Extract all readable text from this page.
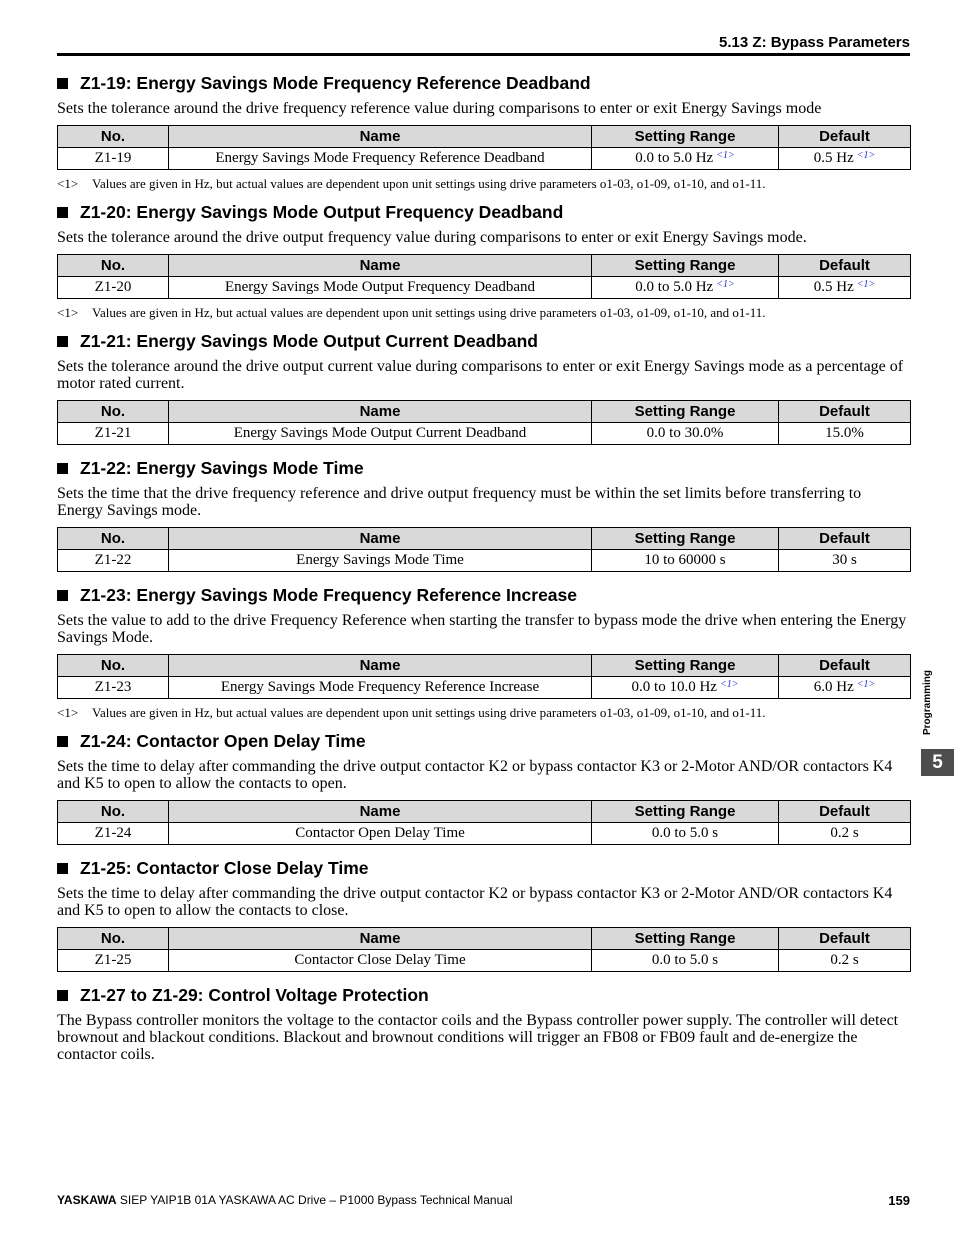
5.13 Z: Bypass Parameters
Z1-19: Energy Savings Mode Frequency Reference Deadband

Sets the tolerance around the drive frequency reference value during comparisons to enter or exit Energy Savings mode

No.	Name	Setting Range	Default
Z1-19	Energy Savings Mode Frequency Reference Deadband	0.0 to 5.0 Hz $^{<1>}$	0.5 Hz $^{<1>}$
<1>	Values are given in Hz, but actual values are dependent upon unit settings using drive parameters o1-03, o1-09, o1-10, and o1-11.
Z1-20: Energy Savings Mode Output Frequency Deadband

Sets the tolerance around the drive output frequency value during comparisons to enter or exit Energy Savings mode.

No.	Name	Setting Range	Default
Z1-20	Energy Savings Mode Output Frequency Deadband	0.0 to 5.0 Hz $^{<1>}$	0.5 Hz $^{<1>}$
<1>	Values are given in Hz, but actual values are dependent upon unit settings using drive parameters o1-03, o1-09, o1-10, and o1-11.
Z1-21: Energy Savings Mode Output Current Deadband

Sets the tolerance around the drive output current value during comparisons to enter or exit Energy Savings mode as a percentage of motor rated current.

No.	Name	Setting Range	Default
Z1-21	Energy Savings Mode Output Current Deadband	0.0 to 30.0%	15.0%
Z1-22: Energy Savings Mode Time

Sets the time that the drive frequency reference and drive output frequency must be within the set limits before transferring to Energy Savings mode.

No.	Name	Setting Range	Default
Z1-22	Energy Savings Mode Time	10 to 60000 s	30 s
Z1-23: Energy Savings Mode Frequency Reference Increase

Sets the value to add to the drive Frequency Reference when starting the transfer to bypass mode the drive when entering the Energy Savings Mode.

No.	Name	Setting Range	Default
Z1-23	Energy Savings Mode Frequency Reference Increase	0.0 to 10.0 Hz $^{<1>}$	6.0 Hz $^{<1>}$
<1>	Values are given in Hz, but actual values are dependent upon unit settings using drive parameters o1-03, o1-09, o1-10, and o1-11.
Z1-24: Contactor Open Delay Time

Sets the time to delay after commanding the drive output contactor K2 or bypass contactor K3 or 2-Motor AND/OR contactors K4 and K5 to open to allow the contacts to open.

No.	Name	Setting Range	Default
Z1-24	Contactor Open Delay Time	0.0 to 5.0 s	0.2 s
Z1-25: Contactor Close Delay Time

Sets the time to delay after commanding the drive output contactor K2 or bypass contactor K3 or 2-Motor AND/OR contactors K4 and K5 to open to allow the contacts to close.

No.	Name	Setting Range	Default
Z1-25	Contactor Close Delay Time	0.0 to 5.0 s	0.2 s
Z1-27 to Z1-29: Control Voltage Protection

The Bypass controller monitors the voltage to the contactor coils and the Bypass controller power supply. The controller will detect brownout and blackout conditions. Blackout and brownout conditions will trigger an FB08 or FB09 fault and de-energize the contactor coils.

Programming
5
YASKAWA SIEP YAIP1B 01A YASKAWA AC Drive – P1000 Bypass Technical Manual	159
